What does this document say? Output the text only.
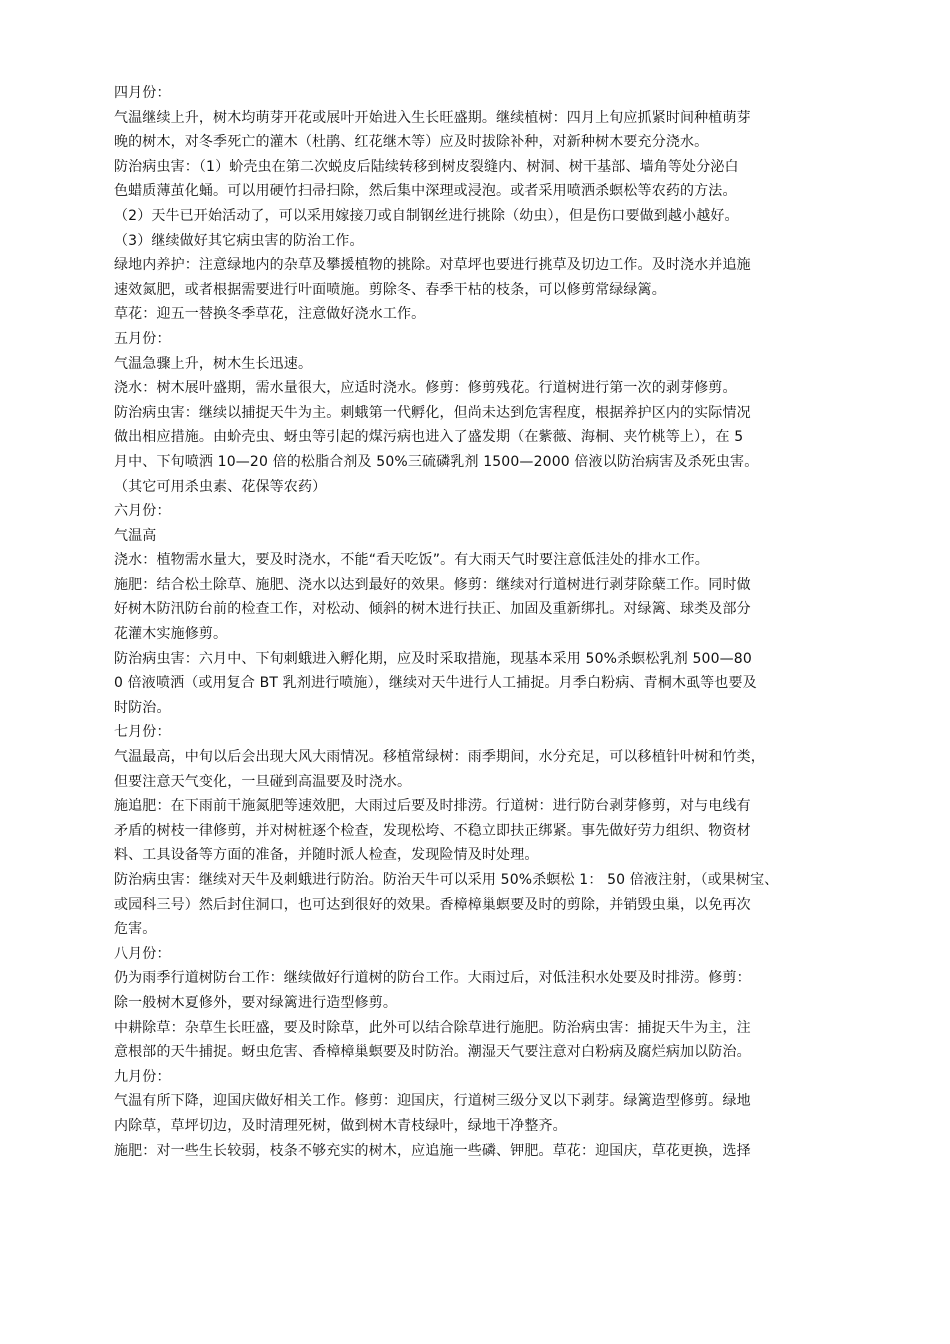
四月份：
气温继续上升，树木均萌芽开花或展叶开始进入生长旺盛期。继续植树：四月上旬应抓紧时间种植萌芽
晚的树木，对冬季死亡的灌木（杜鹃、红花继木等）应及时拔除补种，对新种树木要充分浇水。
防治病虫害：（1）蚧壳虫在第二次蜕皮后陆续转移到树皮裂缝内、树洞、树干基部、墙角等处分泌白
色蜡质薄茧化蛹。可以用硬竹扫帚扫除，然后集中深理或浸泡。或者采用喷洒杀螟松等农药的方法。
（2）天牛已开始活动了，可以采用嫁接刀或自制钢丝进行挑除（幼虫），但是伤口要做到越小越好。
（3）继续做好其它病虫害的防治工作。
绿地内养护：注意绿地内的杂草及攀援植物的挑除。对草坪也要进行挑草及切边工作。及时浇水并追施
速效氮肥，或者根据需要进行叶面喷施。剪除冬、春季干枯的枝条，可以修剪常绿绿篱。
草花：迎五一替换冬季草花，注意做好浇水工作。
五月份：
气温急骤上升，树木生长迅速。
浇水：树木展叶盛期，需水量很大，应适时浇水。修剪：修剪残花。行道树进行第一次的剥芽修剪。
防治病虫害：继续以捕捉天牛为主。刺蛾第一代孵化，但尚未达到危害程度，根据养护区内的实际情况
做出相应措施。由蚧壳虫、蚜虫等引起的煤污病也进入了盛发期（在紫薇、海桐、夹竹桃等上），在 5
月中、下旬喷洒 10—20 倍的松脂合剂及 50%三硫磷乳剂 1500—2000 倍液以防治病害及杀死虫害。
（其它可用杀虫素、花保等农药）
六月份：
气温高
浇水：植物需水量大，要及时浇水，不能“看天吃饭”。有大雨天气时要注意低洼处的排水工作。
施肥：结合松土除草、施肥、浇水以达到最好的效果。修剪：继续对行道树进行剥芽除蘖工作。同时做
好树木防汛防台前的检查工作，对松动、倾斜的树木进行扶正、加固及重新绑扎。对绿篱、球类及部分
花灌木实施修剪。
防治病虫害：六月中、下旬刺蛾进入孵化期，应及时采取措施，现基本采用 50%杀螟松乳剂 500—80
0 倍液喷洒（或用复合 BT 乳剂进行喷施），继续对天牛进行人工捕捉。月季白粉病、青桐木虱等也要及
时防治。
七月份：
气温最高，中旬以后会出现大风大雨情况。移植常绿树：雨季期间，水分充足，可以移植针叶树和竹类，
但要注意天气变化，一旦碰到高温要及时浇水。
施追肥：在下雨前干施氮肥等速效肥，大雨过后要及时排涝。行道树：进行防台剥芽修剪，对与电线有
矛盾的树枝一律修剪，并对树桩逐个检查，发现松垮、不稳立即扶正绑紧。事先做好劳力组织、物资材
料、工具设备等方面的准备，并随时派人检查，发现险情及时处理。
防治病虫害：继续对天牛及刺蛾进行防治。防治天牛可以采用 50%杀螟松 1： 50 倍液注射，（或果树宝、
或园科三号）然后封住洞口，也可达到很好的效果。香樟樟巢螟要及时的剪除，并销毁虫巢，以免再次
危害。
八月份：
仍为雨季行道树防台工作：继续做好行道树的防台工作。大雨过后，对低洼积水处要及时排涝。修剪：
除一般树木夏修外，要对绿篱进行造型修剪。
中耕除草：杂草生长旺盛，要及时除草，此外可以结合除草进行施肥。防治病虫害：捕捉天牛为主，注
意根部的天牛捕捉。蚜虫危害、香樟樟巢螟要及时防治。潮湿天气要注意对白粉病及腐烂病加以防治。
九月份：
气温有所下降，迎国庆做好相关工作。修剪：迎国庆，行道树三级分叉以下剥芽。绿篱造型修剪。绿地
内除草，草坪切边，及时清理死树，做到树木青枝绿叶，绿地干净整齐。
施肥：对一些生长较弱，枝条不够充实的树木，应追施一些磷、钾肥。草花：迎国庆，草花更换，选择
